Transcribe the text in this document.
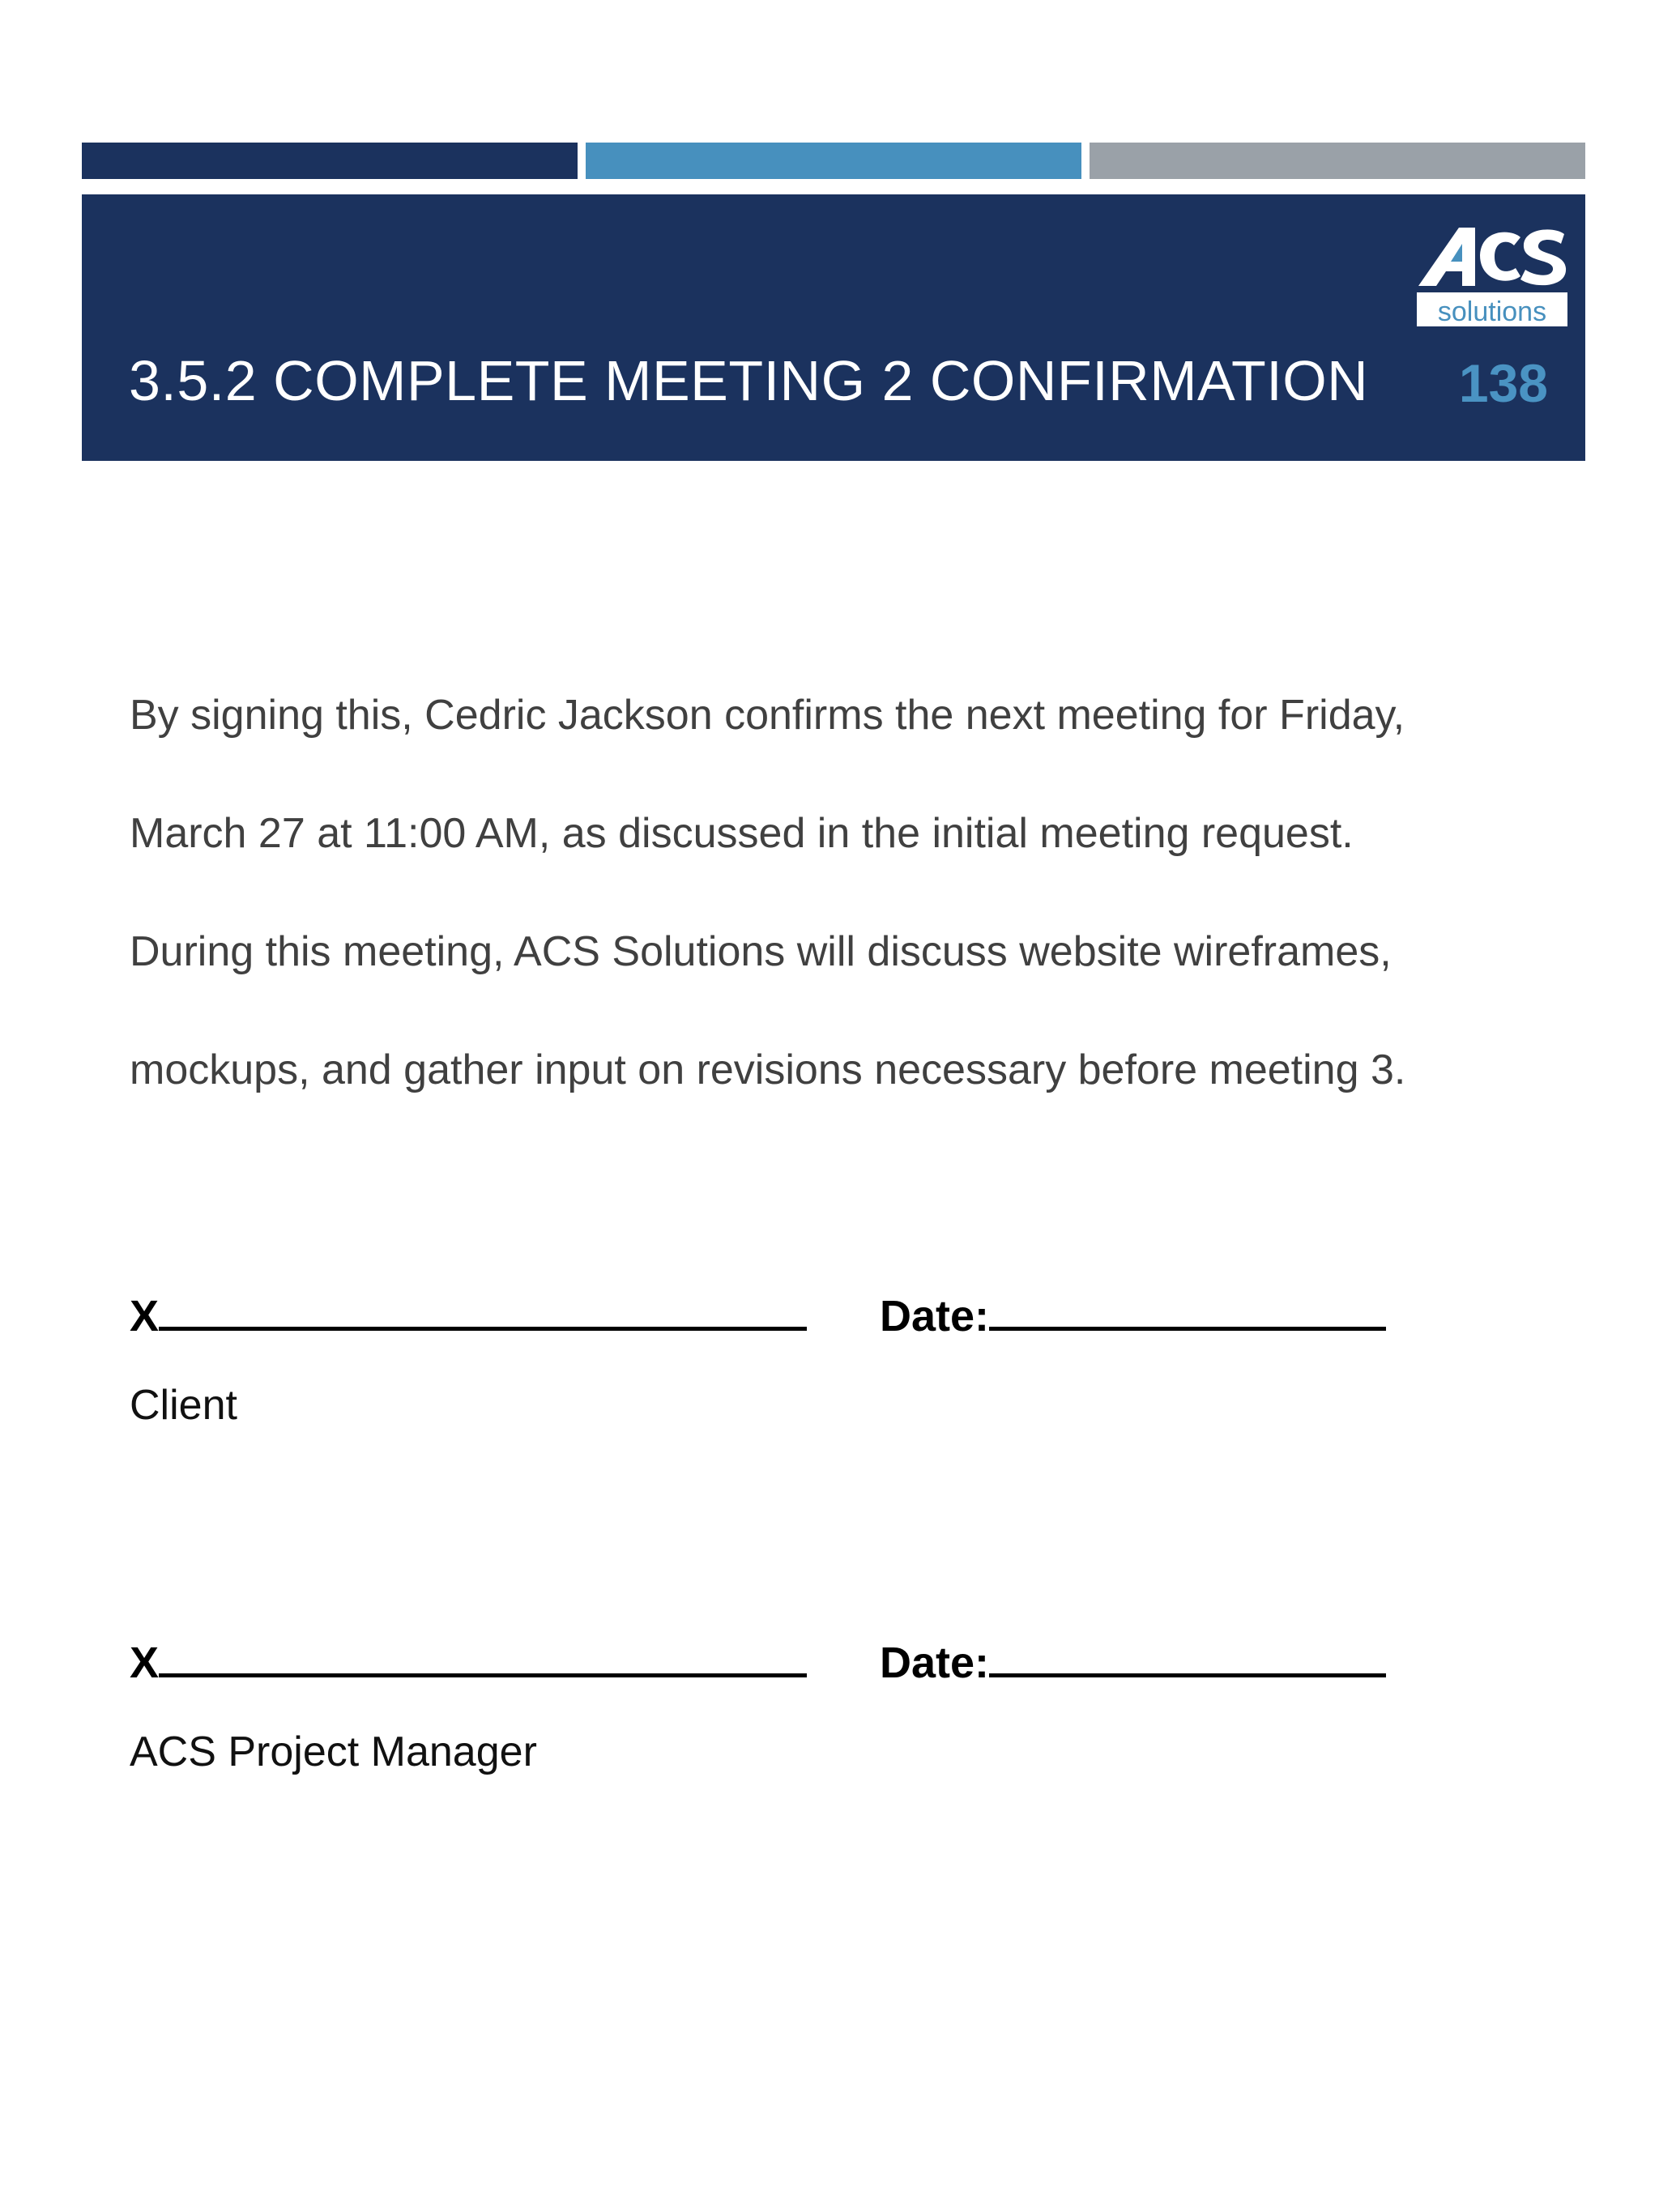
solutions
3.5.2 COMPLETE MEETING 2 CONFIRMATION 138
By signing this, Cedric Jackson confirms the next meeting for Friday,
March 27 at 11:00 AM, as discussed in the initial meeting request.
During this meeting, ACS Solutions will discuss website wireframes,
mockups, and gather input on revisions necessary before meeting 3.
X	Date:
Client
X	Date:
ACS Project Manager
